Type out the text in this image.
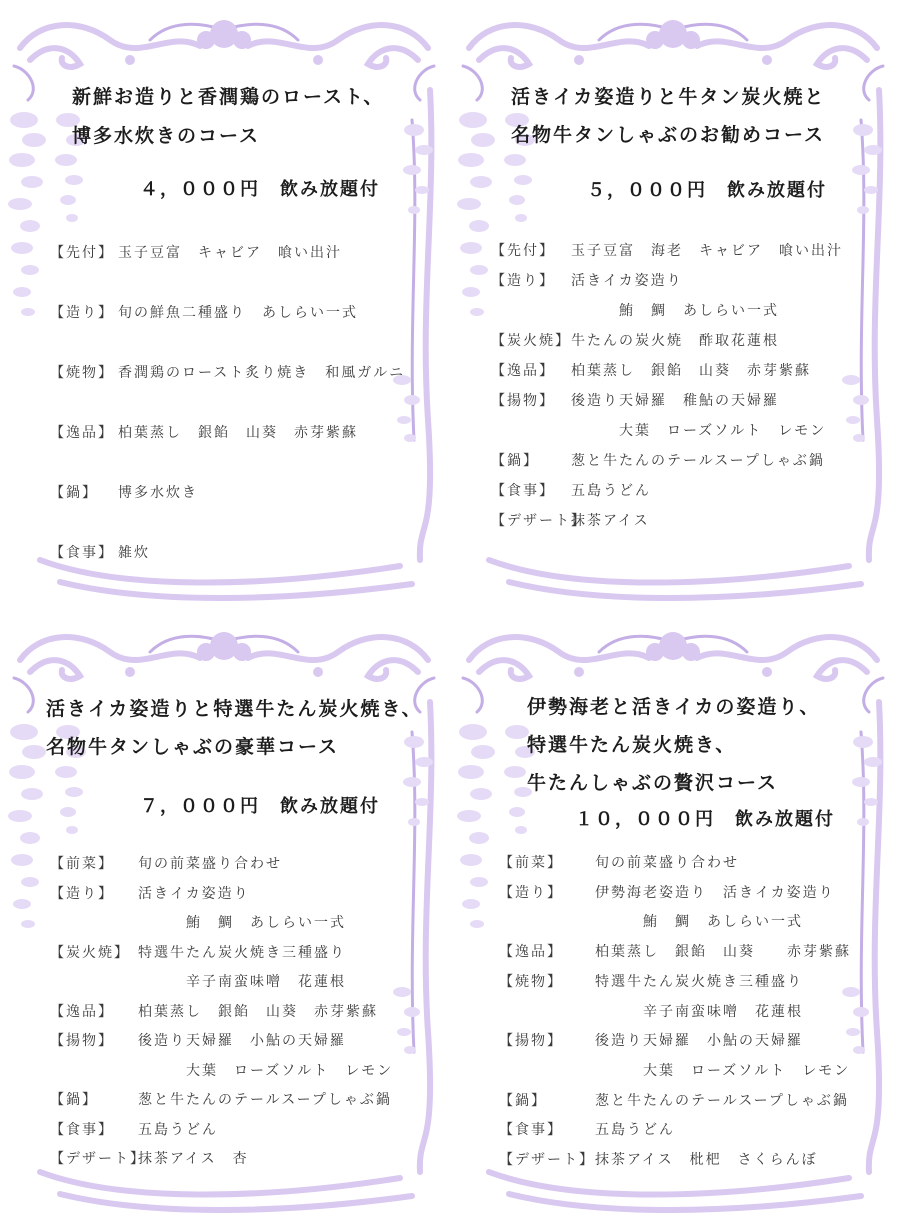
新鮮お造りと香潤鶏のロースト、

博多水炊きのコース

４，０００円　飲み放題付

【先付】 玉子豆富　キャビア　喰い出汁
【造り】 旬の鮮魚二種盛り　あしらい一式
【焼物】 香潤鶏のロースト炙り焼き　和風ガルニ
【逸品】 柏葉蒸し　銀餡　山葵　赤芽紫蘇
【鍋】 博多水炊き
【食事】 雑炊

活きイカ姿造りと牛タン炭火焼と

名物牛タンしゃぶのお勧めコース

５，０００円　飲み放題付

【先付】 玉子豆富　海老　キャビア　喰い出汁
【造り】 活きイカ姿造り
鮪　鯛　あしらい一式
【炭火焼】 牛たんの炭火焼　酢取花蓮根
【逸品】 柏葉蒸し　銀餡　山葵　赤芽紫蘇
【揚物】 後造り天婦羅　稚鮎の天婦羅
大葉　ローズソルト　レモン
【鍋】 葱と牛たんのテールスープしゃぶ鍋
【食事】 五島うどん
【デザート】
抹茶アイス

活きイカ姿造りと特選牛たん炭火焼き、

名物牛タンしゃぶの豪華コース

７，０００円　飲み放題付

【前菜】 旬の前菜盛り合わせ
【造り】 活きイカ姿造り
鮪　鯛　あしらい一式
【炭火焼】 特選牛たん炭火焼き三種盛り
辛子南蛮味噌　花蓮根
【逸品】 柏葉蒸し　銀餡　山葵　赤芽紫蘇
【揚物】 後造り天婦羅　小鮎の天婦羅
大葉　ローズソルト　レモン
【鍋】	葱と牛たんのテールスープしゃぶ鍋
【食事】 五島うどん
【デザート】
抹茶アイス　杏

伊勢海老と活きイカの姿造り、

特選牛たん炭火焼き、

牛たんしゃぶの贅沢コース

１０，０００円　飲み放題付

【前菜】 旬の前菜盛り合わせ
【造り】 伊勢海老姿造り　活きイカ姿造り
鮪　鯛　あしらい一式
【逸品】 柏葉蒸し　銀餡　山葵　　赤芽紫蘇
【焼物】 特選牛たん炭火焼き三種盛り
辛子南蛮味噌　花蓮根
【揚物】 後造り天婦羅　小鮎の天婦羅
大葉　ローズソルト　レモン
【鍋】	葱と牛たんのテールスープしゃぶ鍋
【食事】 五島うどん
【デザート】 抹茶アイス　枇杷　さくらんぼ
